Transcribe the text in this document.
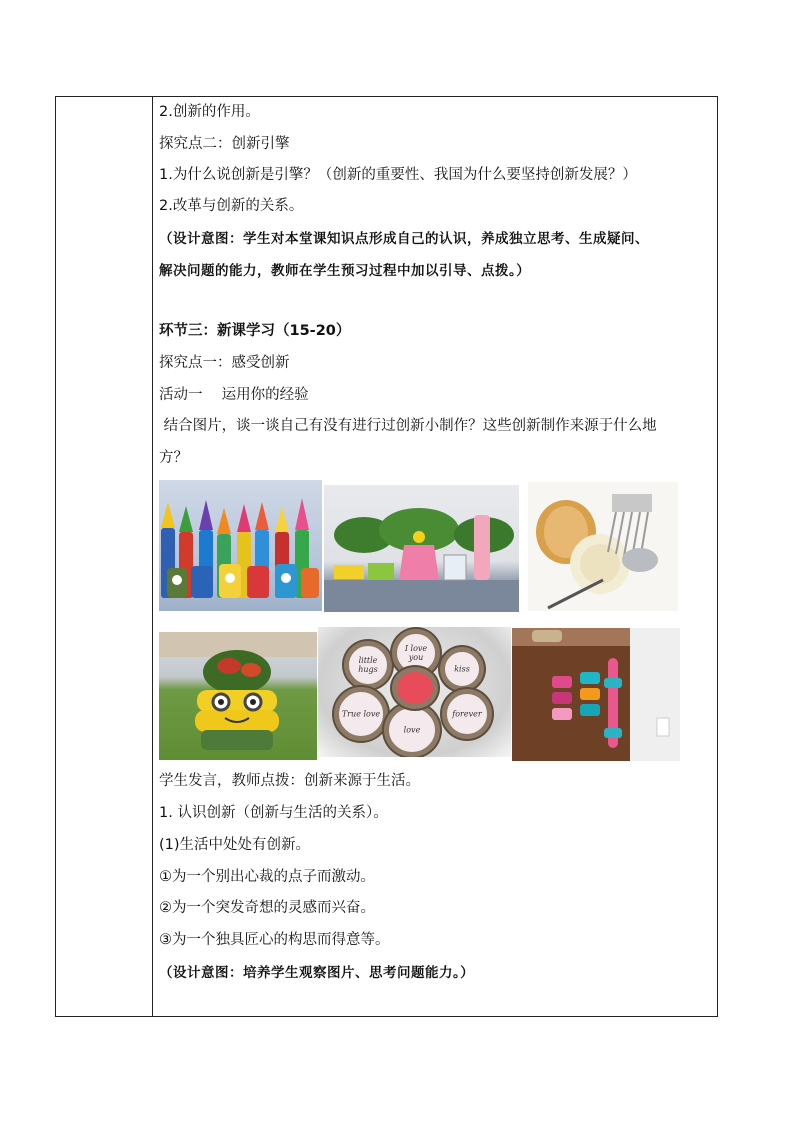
2.创新的作用。
探究点二：创新引擎
1.为什么说创新是引擎？（创新的重要性、我国为什么要坚持创新发展？）
2.改革与创新的关系。
（设计意图：学生对本堂课知识点形成自己的认识，养成独立思考、生成疑问、
解决问题的能力，教师在学生预习过程中加以引导、点拨。）
环节三：新课学习（15-20）
探究点一：感受创新
活动一　 运用你的经验
结合图片，谈一谈自己有没有进行过创新小制作？这些创新制作来源于什么地
方？
学生发言，教师点拨：创新来源于生活。
1. 认识创新（创新与生活的关系）。
(1)生活中处处有创新。
①为一个别出心裁的点子而激动。
②为一个突发奇想的灵感而兴奋。
③为一个独具匠心的构思而得意等。
（设计意图：培养学生观察图片、思考问题能力。）
little hugs
I love you
kiss
True love	forever
love
